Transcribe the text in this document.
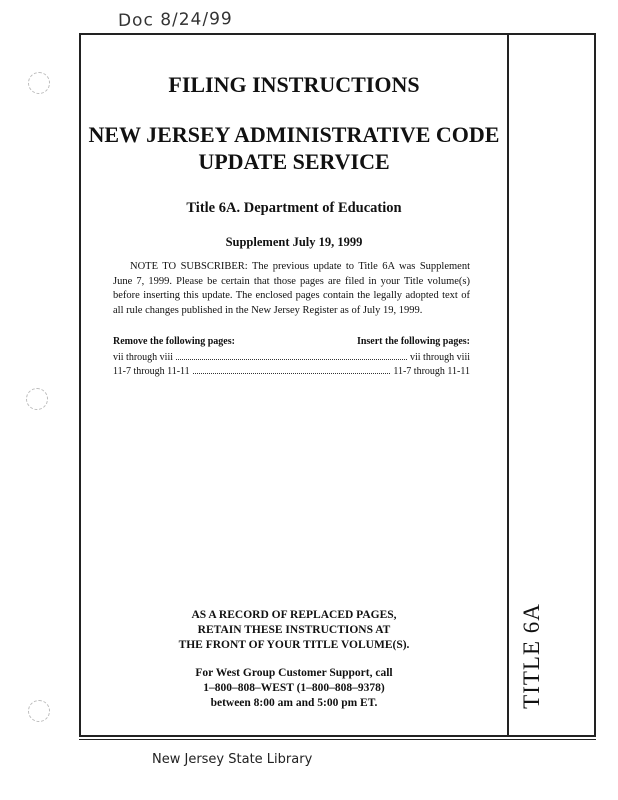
Doc 8/24/99
TITLE 6A
FILING INSTRUCTIONS
NEW JERSEY ADMINISTRATIVE CODE
UPDATE SERVICE
Title 6A. Department of Education
Supplement July 19, 1999
NOTE TO SUBSCRIBER: The previous update to Title 6A was Supplement June 7, 1999. Please be certain that those pages are filed in your Title volume(s) before inserting this update. The enclosed pages contain the legally adopted text of all rule changes published in the New Jersey Register as of July 19, 1999.
Remove the following pages:	Insert the following pages:
vii through viii	vii through viii
11-7 through 11-11	11-7 through 11-11
AS A RECORD OF REPLACED PAGES,
RETAIN THESE INSTRUCTIONS AT
THE FRONT OF YOUR TITLE VOLUME(S).
For West Group Customer Support, call
1–800–808–WEST (1–800–808–9378)
between 8:00 am and 5:00 pm ET.
New Jersey State Library
